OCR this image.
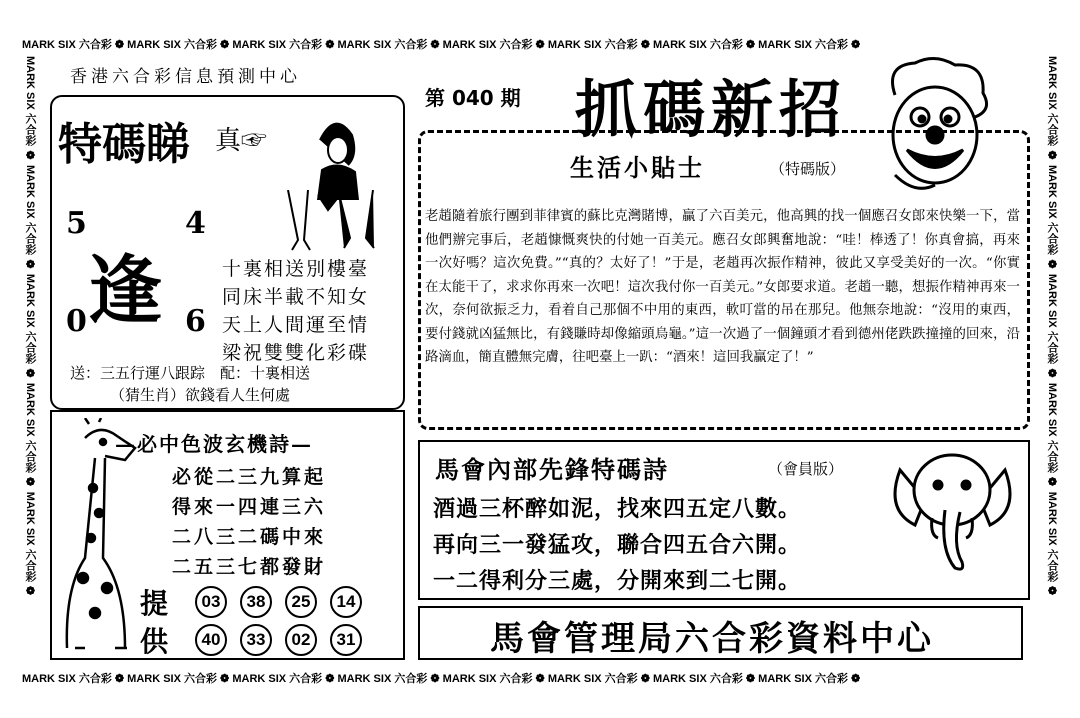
MARK SIX 六合彩 ❁ MARK SIX 六合彩 ❁ MARK SIX 六合彩 ❁ MARK SIX 六合彩 ❁ MARK SIX 六合彩 ❁ MARK SIX 六合彩 ❁ MARK SIX 六合彩 ❁ MARK SIX 六合彩 ❁
MARK SIX 六合彩 ❁ MARK SIX 六合彩 ❁ MARK SIX 六合彩 ❁ MARK SIX 六合彩 ❁ MARK SIX 六合彩 ❁ MARK SIX 六合彩 ❁ MARK SIX 六合彩 ❁ MARK SIX 六合彩 ❁
MARK SIX 六合彩 ❁ MARK SIX 六合彩 ❁ MARK SIX 六合彩 ❁ MARK SIX 六合彩 ❁ MARK SIX 六合彩 ❁	MARK SIX 六合彩 ❁ MARK SIX 六合彩 ❁ MARK SIX 六合彩 ❁ MARK SIX 六合彩 ❁ MARK SIX 六合彩 ❁
香港六合彩信息預測中心
第 040 期 抓碼新招
特碼睇 真☞
5	4
0	6
逢	十裏相送別樓臺
同床半載不知女
天上人間運至情
梁祝雙雙化彩碟
送：三五行運八跟踪　配：十裏相送
（猜生肖）欲錢看人生何處
生活小貼士	（特碼版）
老趙隨着旅行團到菲律賓的蘇比克灣賭博，贏了六百美元，他高興的找一個應召女郎來快樂一下，當他們辦完事后，老趙慷慨爽快的付她一百美元。應召女郎興奮地說：“哇！棒透了！你真會搞，再來一次好嗎？這次免費。”“真的？太好了！”于是，老趙再次振作精神，彼此又享受美好的一次。“你實在太能干了，求求你再來一次吧！這次我付你一百美元。”女郎要求道。老趙一聽，想振作精神再來一次，奈何欲振乏力，看着自己那個不中用的東西，軟叮當的吊在那兒。他無奈地說：“沒用的東西，要付錢就凶猛無比，有錢賺時却像縮頭烏龜。”這一次過了一個鐘頭才看到德州佬跌跌撞撞的回來，沿路滴血，簡直體無完膚，往吧臺上一趴：“酒來！這回我贏定了！”
—必中色波玄機詩—
必從二三九算起
得來一四連三六
二八三二碼中來
二五三七都發財
提
供
03	38	25	14
40	33	02	31
馬會內部先鋒特碼詩	（會員版）
酒過三杯醉如泥，找來四五定八數。
再向三一發猛攻，聯合四五合六開。
一二得利分三處，分開來到二七開。
馬會管理局六合彩資料中心
